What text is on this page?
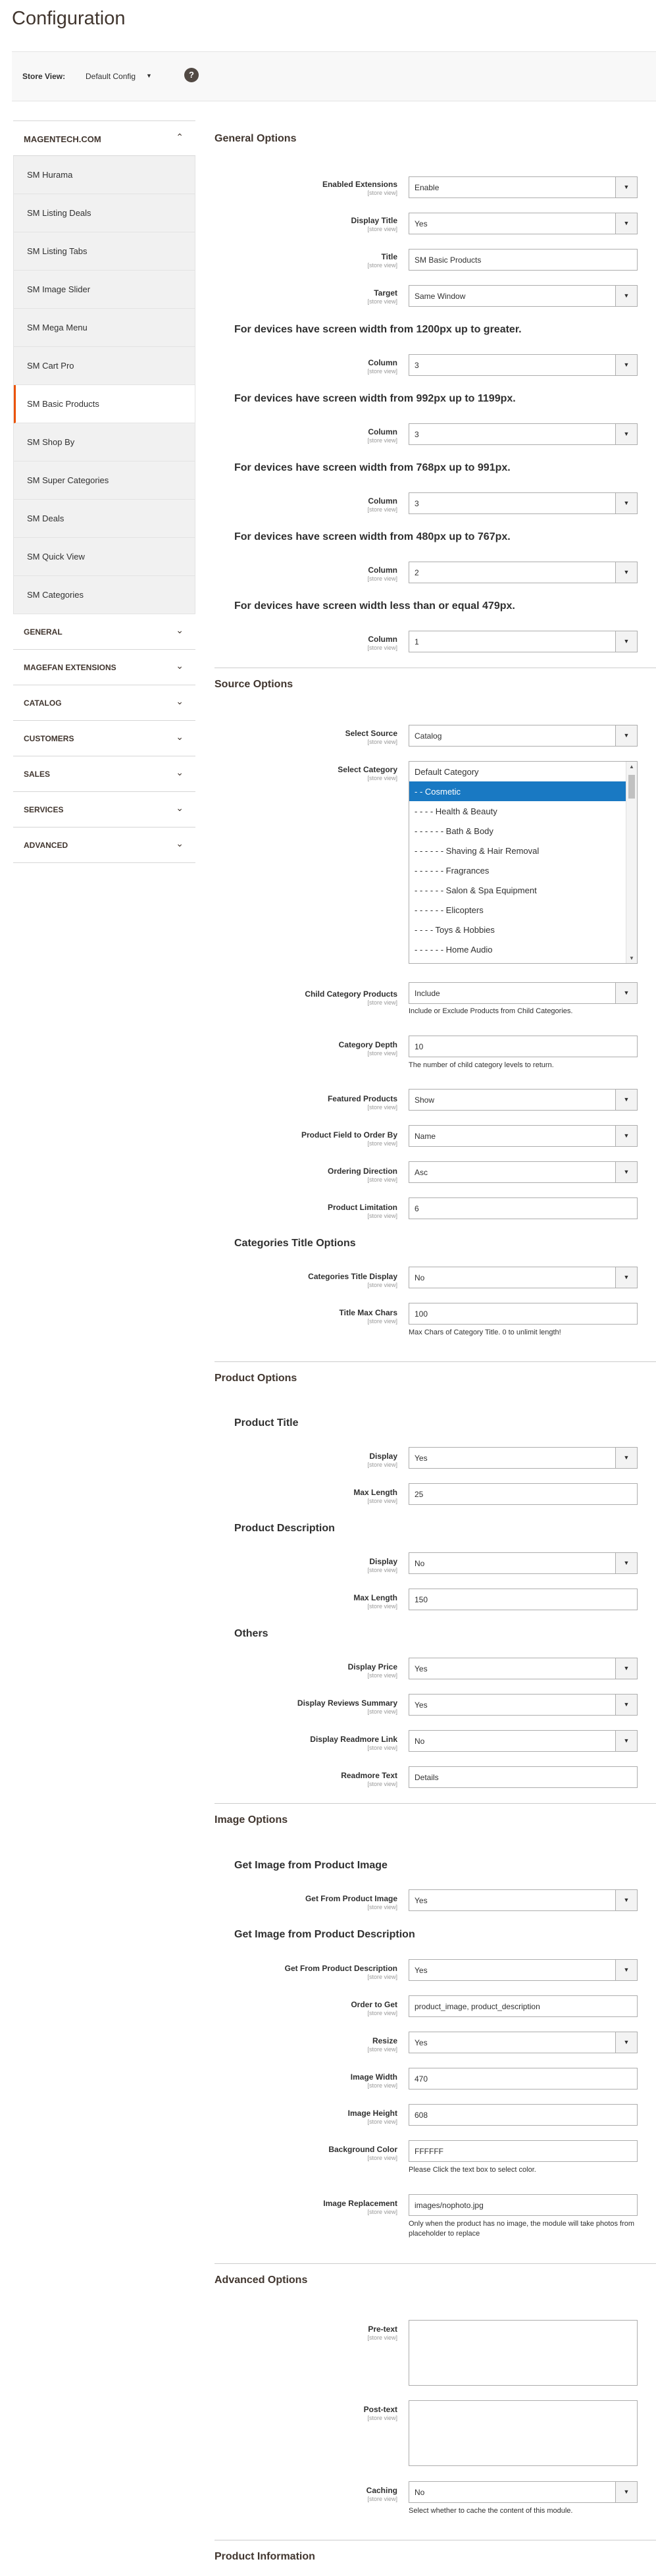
Configuration
Store View:	Default Config ▼	?
MAGENTECH.COM	⌃
SM Hurama
SM Listing Deals
SM Listing Tabs
SM Image Slider
SM Mega Menu
SM Cart Pro
SM Basic Products
SM Shop By
SM Super Categories
SM Deals
SM Quick View
SM Categories
GENERAL	⌄
MAGEFAN EXTENSIONS	⌄
CATALOG	⌄
CUSTOMERS	⌄
SALES	⌄
SERVICES	⌄
ADVANCED	⌄
General Options
Enabled Extensions
[store view]
Enable	▼
Display Title
[store view]
Yes	▼
Title
[store view]
SM Basic Products
Target
[store view]
Same Window	▼
For devices have screen width from 1200px up to greater.
Column
[store view]
3	▼
For devices have screen width from 992px up to 1199px.
Column
[store view]
3	▼
For devices have screen width from 768px up to 991px.
Column
[store view]
3	▼
For devices have screen width from 480px up to 767px.
Column
[store view]
2	▼
For devices have screen width less than or equal 479px.
Column
[store view]
1	▼
Source Options
Select Source
[store view]
Catalog	▼
Select Category
[store view]
Default Category
- - Cosmetic
- - - - Health & Beauty
- - - - - - Bath & Body
- - - - - - Shaving & Hair Removal
- - - - - - Fragrances
- - - - - - Salon & Spa Equipment
- - - - - - Elicopters
- - - - Toys & Hobbies
- - - - - - Home Audio
▲
▼
Child Category Products
[store view]
Include	▼
Include or Exclude Products from Child Categories.
Category Depth
[store view]
10
The number of child category levels to return.
Featured Products
[store view]
Show	▼
Product Field to Order By
[store view]
Name	▼
Ordering Direction
[store view]
Asc	▼
Product Limitation
[store view]
6
Categories Title Options
Categories Title Display
[store view]
No	▼
Title Max Chars
[store view]
100
Max Chars of Category Title. 0 to unlimit length!
Product Options
Product Title
Display
[store view]
Yes	▼
Max Length
[store view]
25
Product Description
Display
[store view]
No	▼
Max Length
[store view]
150
Others
Display Price
[store view]
Yes	▼
Display Reviews Summary
[store view]
Yes	▼
Display Readmore Link
[store view]
No	▼
Readmore Text
[store view]
Details
Image Options
Get Image from Product Image
Get From Product Image
[store view]
Yes	▼
Get Image from Product Description
Get From Product Description
[store view]
Yes	▼
Order to Get
[store view]
product_image, product_description
Resize
[store view]
Yes	▼
Image Width
[store view]
470
Image Height
[store view]
608
Background Color
[store view]
FFFFFF
Please Click the text box to select color.
Image Replacement
[store view]
images/nophoto.jpg
Only when the product has no image, the module will take photos from placeholder to replace
Advanced Options
Pre-text
[store view]
Post-text
[store view]
Caching
[store view]
No	▼
Select whether to cache the content of this module.
Product Information
